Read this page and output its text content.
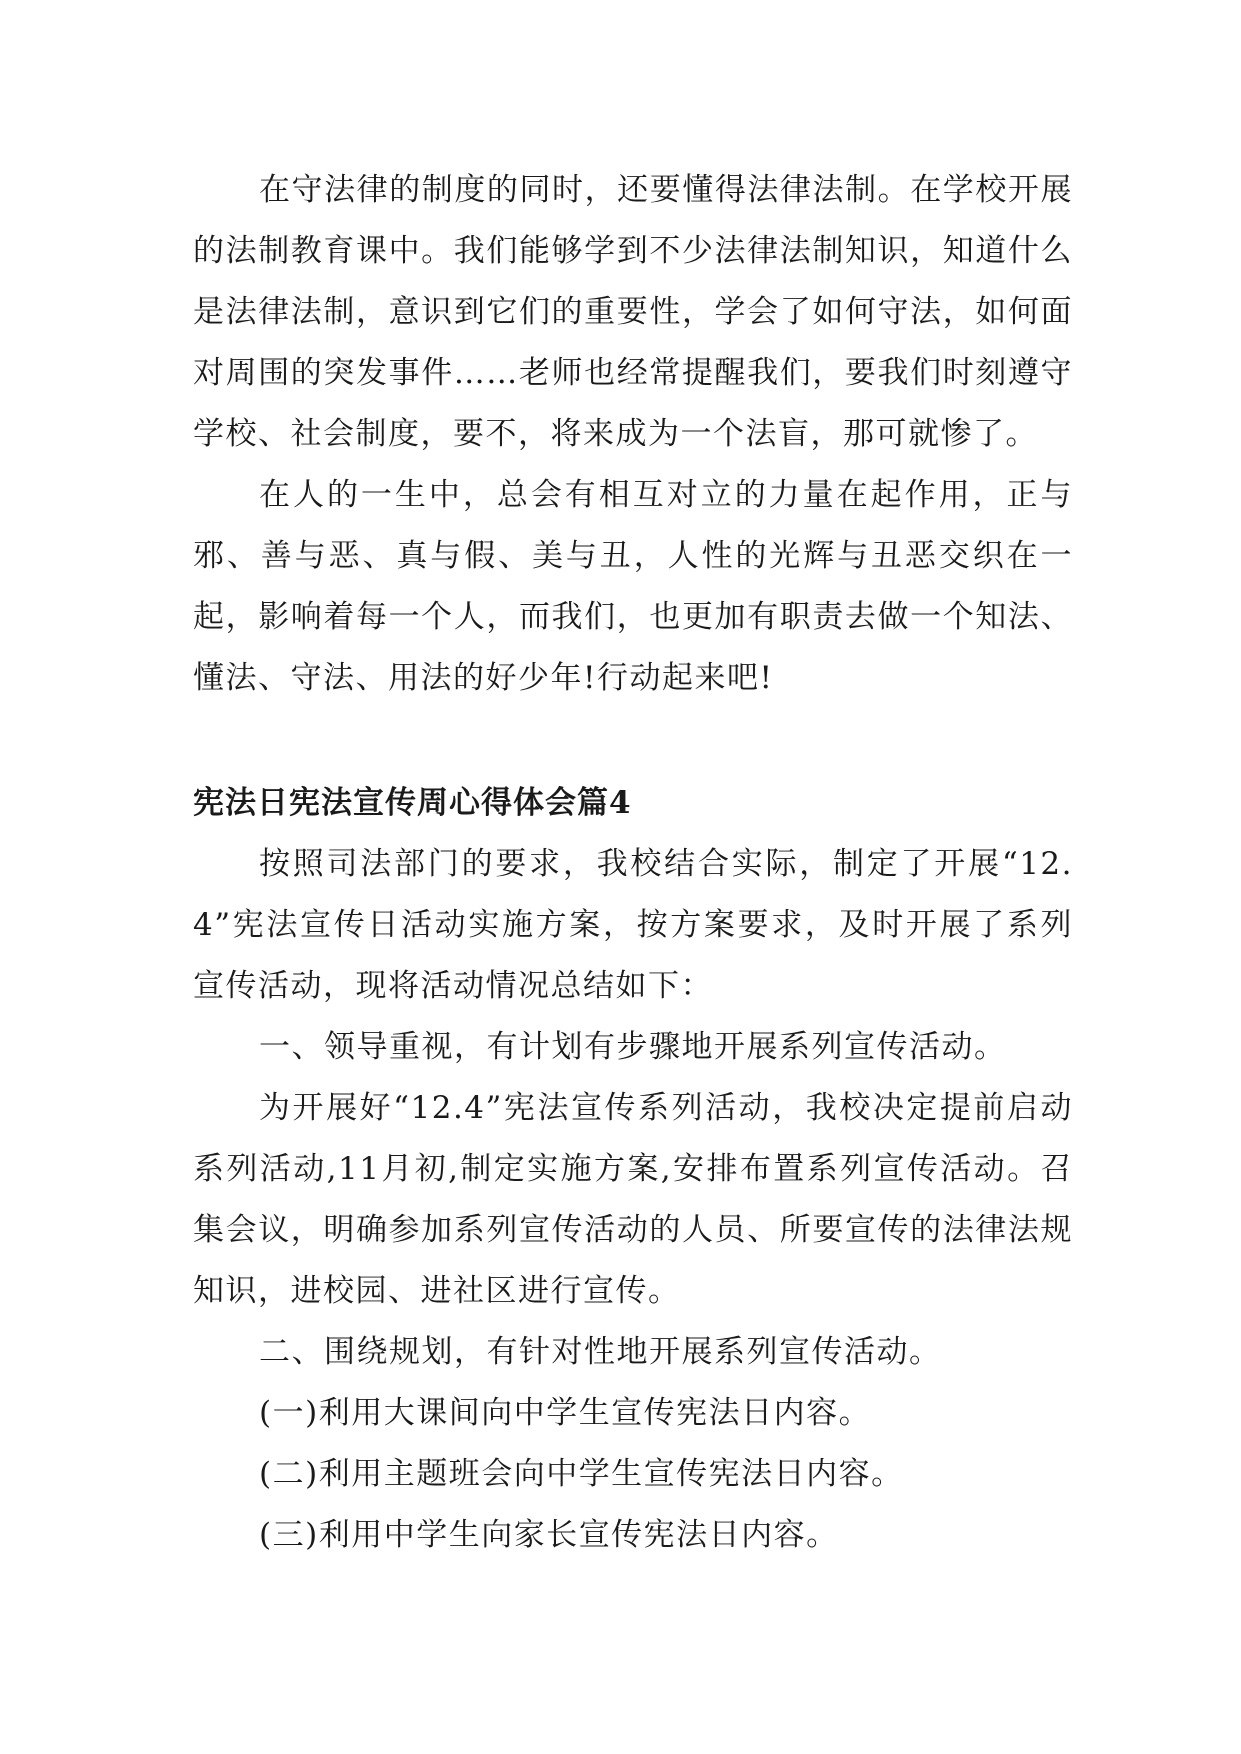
在守法律的制度的同时，还要懂得法律法制。在学校开展的法制教育课中。我们能够学到不少法律法制知识，知道什么是法律法制，意识到它们的重要性，学会了如何守法，如何面对周围的突发事件……老师也经常提醒我们，要我们时刻遵守学校、社会制度，要不，将来成为一个法盲，那可就惨了。

在人的一生中，总会有相互对立的力量在起作用，正与邪、善与恶、真与假、美与丑，人性的光辉与丑恶交织在一起，影响着每一个人，而我们，也更加有职责去做一个知法、懂法、守法、用法的好少年!行动起来吧!

宪法日宪法宣传周心得体会篇4

按照司法部门的要求，我校结合实际，制定了开展“12.4”宪法宣传日活动实施方案，按方案要求，及时开展了系列宣传活动，现将活动情况总结如下：

一、领导重视，有计划有步骤地开展系列宣传活动。

为开展好“12.4”宪法宣传系列活动，我校决定提前启动系列活动,11月初,制定实施方案,安排布置系列宣传活动。召集会议，明确参加系列宣传活动的人员、所要宣传的法律法规知识，进校园、进社区进行宣传。

二、围绕规划，有针对性地开展系列宣传活动。

(一)利用大课间向中学生宣传宪法日内容。

(二)利用主题班会向中学生宣传宪法日内容。

(三)利用中学生向家长宣传宪法日内容。
